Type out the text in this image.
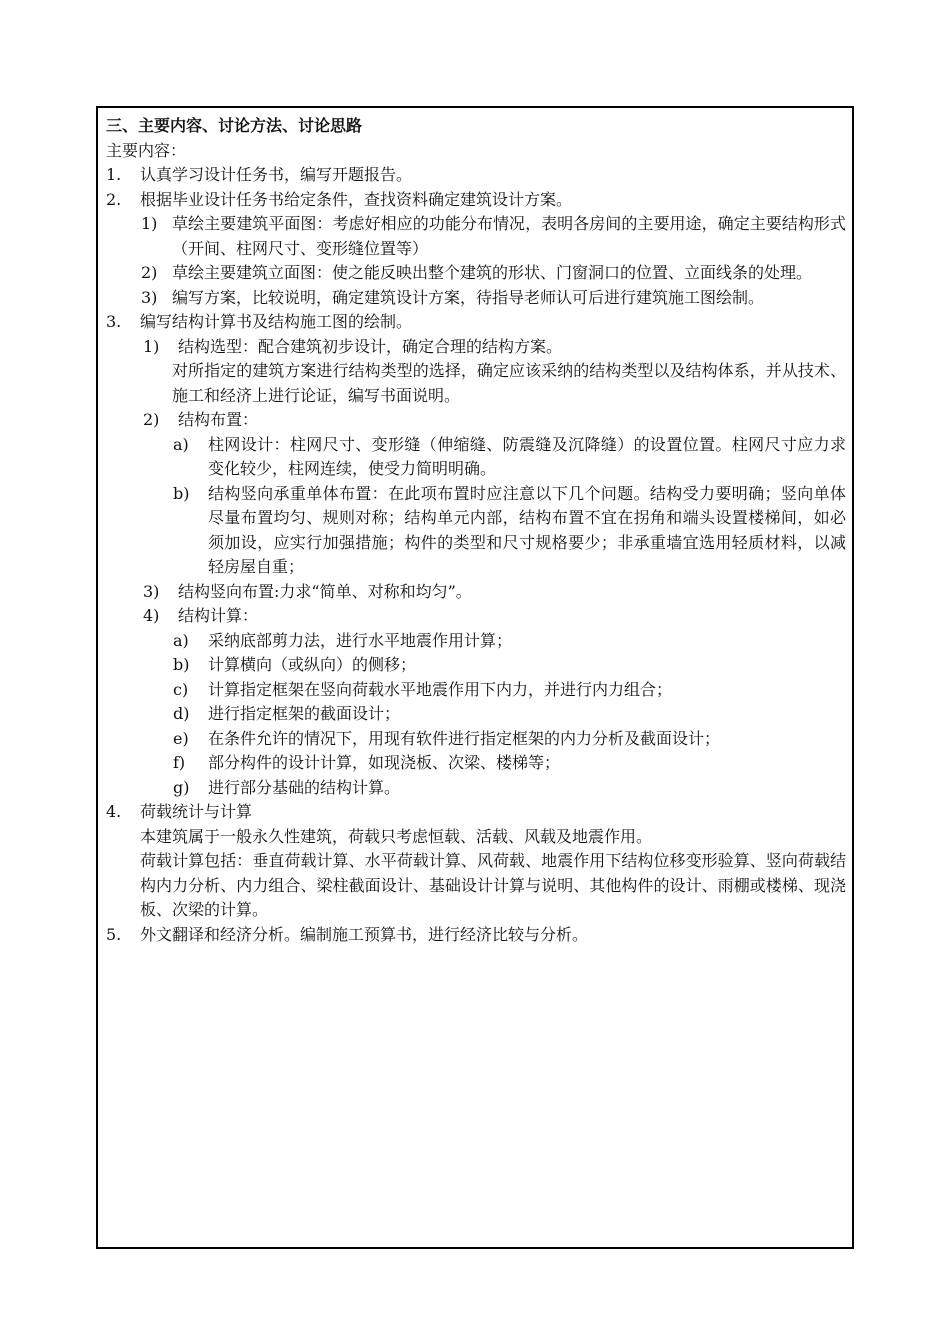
三、主要内容、讨论方法、讨论思路
主要内容：
1. 认真学习设计任务书，编写开题报告。
2. 根据毕业设计任务书给定条件，查找资料确定建筑设计方案。
1) 草绘主要建筑平面图：考虑好相应的功能分布情况，表明各房间的主要用途，确定主要结构形式（开间、柱网尺寸、变形缝位置等）
2) 草绘主要建筑立面图：使之能反映出整个建筑的形状、门窗洞口的位置、立面线条的处理。
3) 编写方案，比较说明，确定建筑设计方案，待指导老师认可后进行建筑施工图绘制。
3. 编写结构计算书及结构施工图的绘制。
1) 结构选型：配合建筑初步设计，确定合理的结构方案。
对所指定的建筑方案进行结构类型的选择，确定应该采纳的结构类型以及结构体系，并从技术、施工和经济上进行论证，编写书面说明。
2) 结构布置：
a) 柱网设计：柱网尺寸、变形缝（伸缩缝、防震缝及沉降缝）的设置位置。柱网尺寸应力求变化较少，柱网连续，使受力简明明确。
b) 结构竖向承重单体布置：在此项布置时应注意以下几个问题。结构受力要明确；竖向单体尽量布置均匀、规则对称；结构单元内部，结构布置不宜在拐角和端头设置楼梯间，如必须加设，应实行加强措施；构件的类型和尺寸规格要少；非承重墙宜选用轻质材料，以减轻房屋自重；
3) 结构竖向布置:力求“简单、对称和均匀”。
4) 结构计算：
a) 采纳底部剪力法，进行水平地震作用计算；
b) 计算横向（或纵向）的侧移；
c) 计算指定框架在竖向荷载水平地震作用下内力，并进行内力组合；
d) 进行指定框架的截面设计；
e) 在条件允许的情况下，用现有软件进行指定框架的内力分析及截面设计；
f) 部分构件的设计计算，如现浇板、次梁、楼梯等；
g) 进行部分基础的结构计算。
4. 荷载统计与计算
本建筑属于一般永久性建筑，荷载只考虑恒载、活载、风载及地震作用。
荷载计算包括：垂直荷载计算、水平荷载计算、风荷载、地震作用下结构位移变形验算、竖向荷载结构内力分析、内力组合、梁柱截面设计、基础设计计算与说明、其他构件的设计、雨棚或楼梯、现浇板、次梁的计算。
5. 外文翻译和经济分析。编制施工预算书，进行经济比较与分析。
